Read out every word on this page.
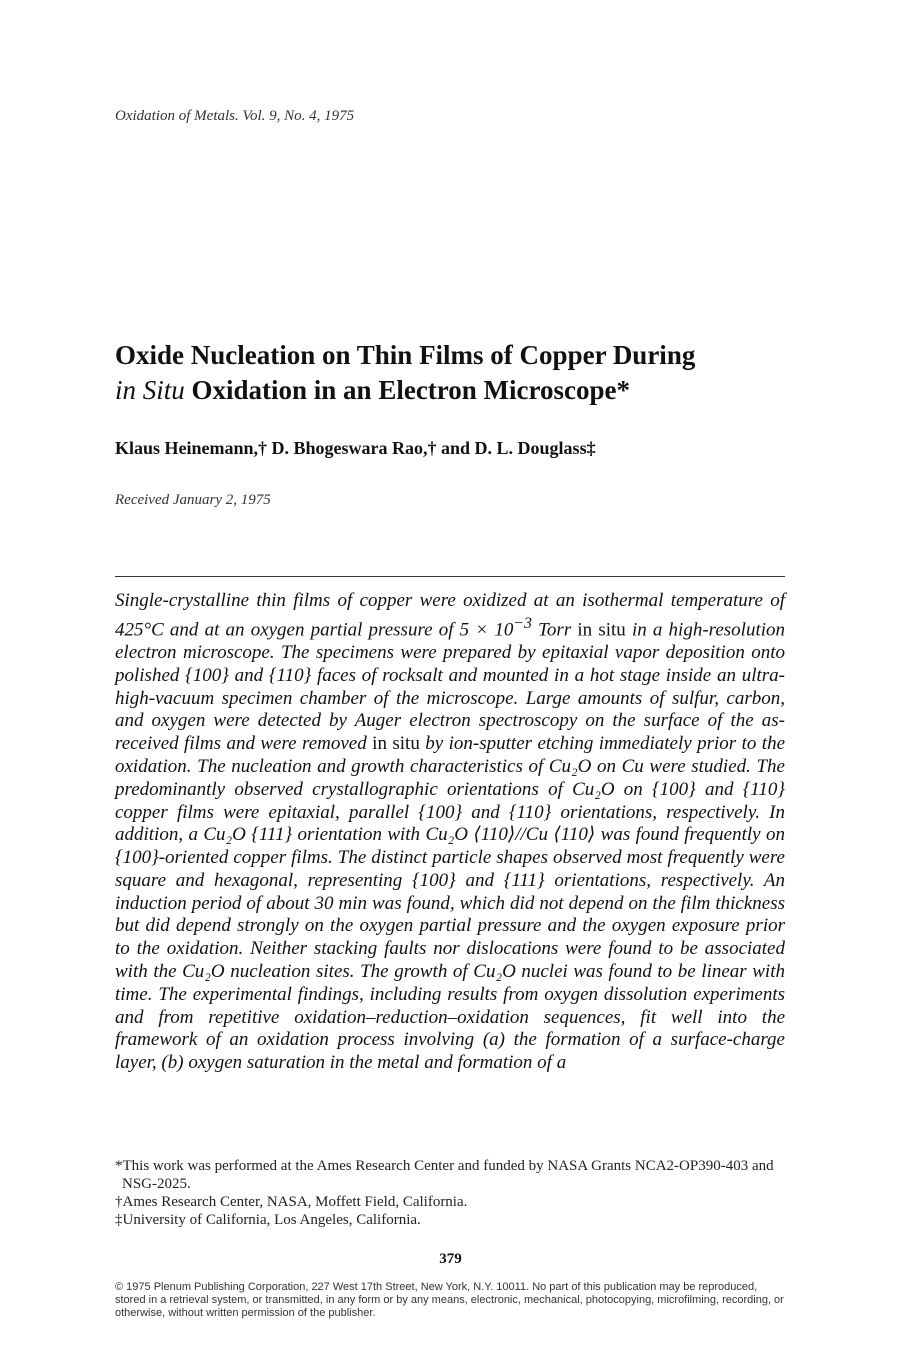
Oxidation of Metals. Vol. 9, No. 4, 1975
Oxide Nucleation on Thin Films of Copper During
in Situ Oxidation in an Electron Microscope*
Klaus Heinemann,† D. Bhogeswara Rao,† and D. L. Douglass‡
Received January 2, 1975
Single-crystalline thin films of copper were oxidized at an isothermal temperature of 425°C and at an oxygen partial pressure of $5 \times 10^{-3}$ Torr in situ in a high-resolution electron microscope. The specimens were prepared by epitaxial vapor deposition onto polished {100} and {110} faces of rocksalt and mounted in a hot stage inside an ultra-high-vacuum specimen chamber of the microscope. Large amounts of sulfur, carbon, and oxygen were detected by Auger electron spectroscopy on the surface of the as-received films and were removed in situ by ion-sputter etching immediately prior to the oxidation. The nucleation and growth characteristics of Cu₂O on Cu were studied. The predominantly observed crystallographic orientations of Cu₂O on {100} and {110} copper films were epitaxial, parallel {100} and {110} orientations, respectively. In addition, a Cu₂O {111} orientation with Cu₂O ⟨110⟩//Cu ⟨110⟩ was found frequently on {100}-oriented copper films. The distinct particle shapes observed most frequently were square and hexagonal, representing {100} and {111} orientations, respectively. An induction period of about 30 min was found, which did not depend on the film thickness but did depend strongly on the oxygen partial pressure and the oxygen exposure prior to the oxidation. Neither stacking faults nor dislocations were found to be associated with the Cu₂O nucleation sites. The growth of Cu₂O nuclei was found to be linear with time. The experimental findings, including results from oxygen dissolution experiments and from repetitive oxidation–reduction–oxidation sequences, fit well into the framework of an oxidation process involving (a) the formation of a surface-charge layer, (b) oxygen saturation in the metal and formation of a

*This work was performed at the Ames Research Center and funded by NASA Grants NCA2-OP390-403 and NSG-2025.

†Ames Research Center, NASA, Moffett Field, California.

‡University of California, Los Angeles, California.

379
© 1975 Plenum Publishing Corporation, 227 West 17th Street, New York, N.Y. 10011. No part of this publication may be reproduced, stored in a retrieval system, or transmitted, in any form or by any means, electronic, mechanical, photocopying, microfilming, recording, or otherwise, without written permission of the publisher.
